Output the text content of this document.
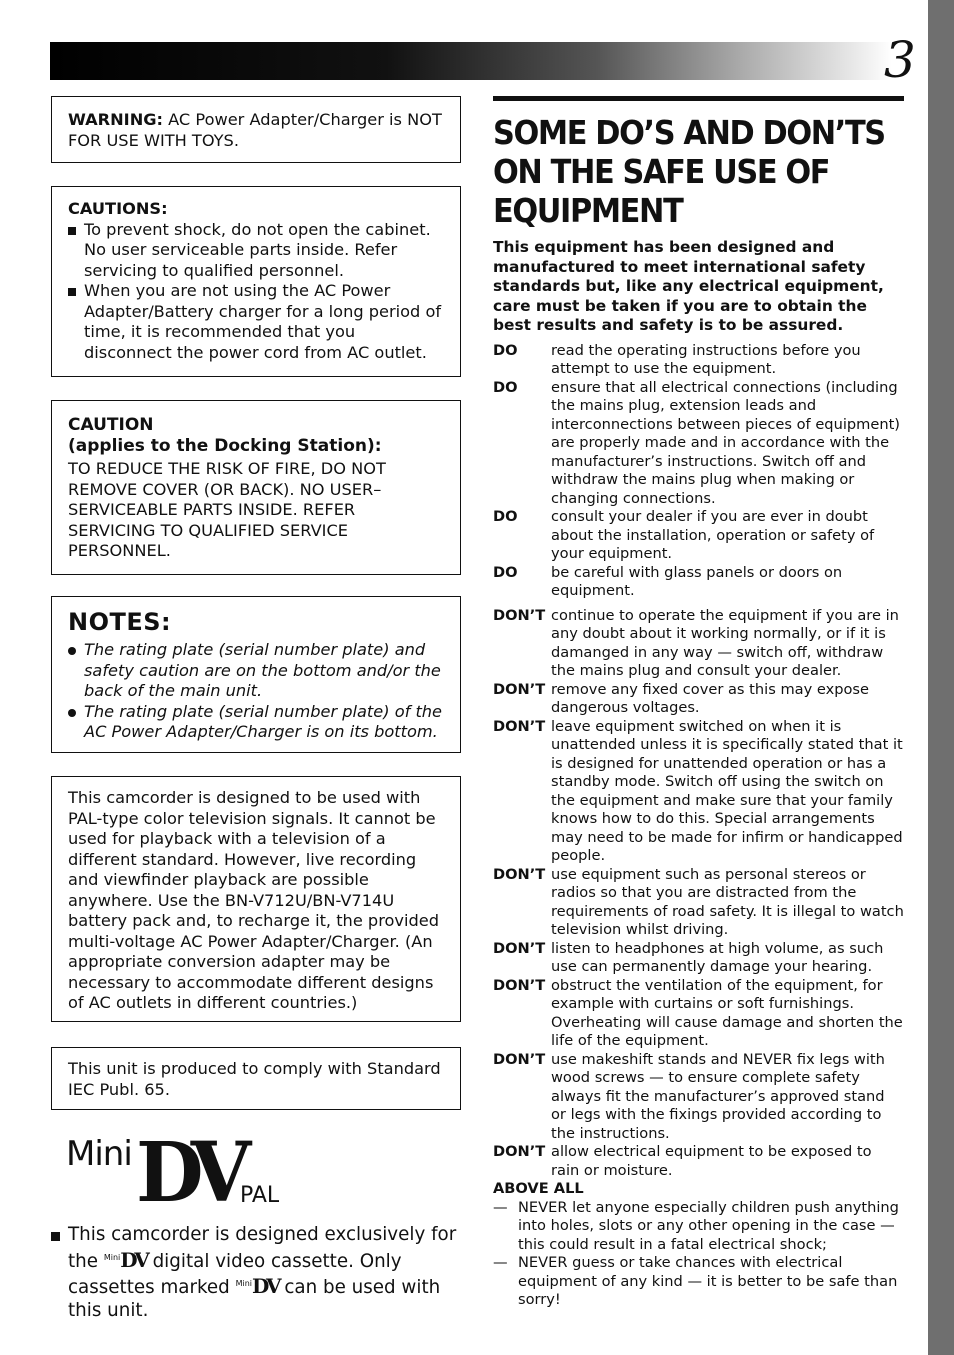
3

WARNING: AC Power Adapter/Charger is NOT FOR USE WITH TOYS.

CAUTIONS:

To prevent shock, do not open the cabinet. No user serviceable parts inside. Refer servicing to qualified personnel.
When you are not using the AC Power Adapter/Battery charger for a long period of time, it is recommended that you disconnect the power cord from AC outlet.

CAUTION

(applies to the Docking Station):

TO REDUCE THE RISK OF FIRE, DO NOT REMOVE COVER (OR BACK). NO USER– SERVICEABLE PARTS INSIDE. REFER SERVICING TO QUALIFIED SERVICE PERSONNEL.

NOTES:
The rating plate (serial number plate) and safety caution are on the bottom and/or the back of the main unit.
The rating plate (serial number plate) of the AC Power Adapter/Charger is on its bottom.

This camcorder is designed to be used with PAL-type color television signals. It cannot be used for playback with a television of a different standard. However, live recording and viewfinder playback are possible anywhere. Use the BN-V712U/BN-V714U battery pack and, to recharge it, the provided multi-voltage AC Power Adapter/Charger. (An appropriate conversion adapter may be necessary to accommodate different designs of AC outlets in different countries.)

This unit is produced to comply with Standard IEC Publ. 65.

Mini DV PAL
This camcorder is designed exclusively for the $^{Mini}$DV digital video cassette. Only cassettes marked $^{Mini}$DV can be used with this unit.
SOME DO’S AND DON’TS ON THE SAFE USE OF EQUIPMENT

This equipment has been designed and manufactured to meet international safety standards but, like any electrical equipment, care must be taken if you are to obtain the best results and safety is to be assured.

DO	read the operating instructions before you attempt to use the equipment.
DO	ensure that all electrical connections (including the mains plug, extension leads and interconnections between pieces of equipment) are properly made and in accordance with the manufacturer’s instructions. Switch off and withdraw the mains plug when making or changing connections.
DO	consult your dealer if you are ever in doubt about the installation, operation or safety of your equipment.
DO	be careful with glass panels or doors on equipment.
DON’T continue to operate the equipment if you are in any doubt about it working normally, or if it is damanged in any way — switch off, withdraw the mains plug and consult your dealer.
DON’T remove any fixed cover as this may expose dangerous voltages.
DON’T leave equipment switched on when it is unattended unless it is specifically stated that it is designed for unattended operation or has a standby mode. Switch off using the switch on the equipment and make sure that your family knows how to do this. Special arrangements may need to be made for infirm or handicapped people.
DON’T use equipment such as personal stereos or radios so that you are distracted from the requirements of road safety. It is illegal to watch television whilst driving.
DON’T listen to headphones at high volume, as such use can permanently damage your hearing.
DON’T obstruct the ventilation of the equipment, for example with curtains or soft furnishings. Overheating will cause damage and shorten the life of the equipment.
DON’T use makeshift stands and NEVER fix legs with wood screws — to ensure complete safety always fit the manufacturer’s approved stand or legs with the fixings provided according to the instructions.
DON’T allow electrical equipment to be exposed to rain or moisture.
ABOVE ALL
— NEVER let anyone especially children push anything into holes, slots or any other opening in the case — this could result in a fatal electrical shock;
— NEVER guess or take chances with electrical equipment of any kind — it is better to be safe than sorry!
